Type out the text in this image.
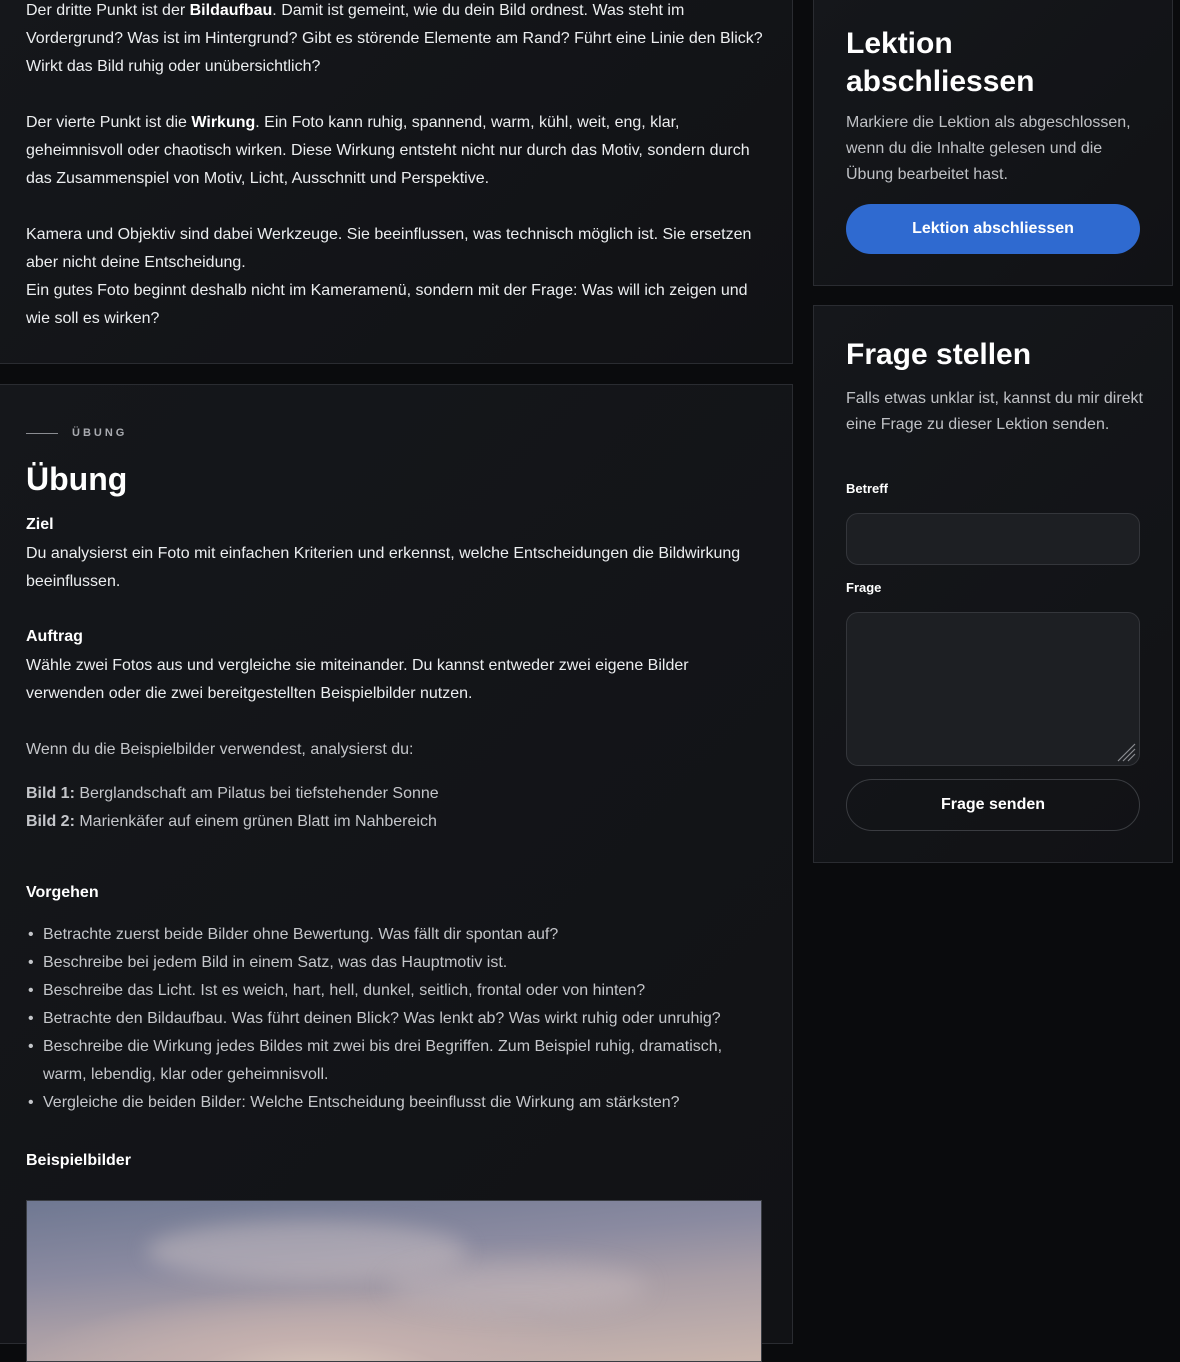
Der dritte Punkt ist der Bildaufbau. Damit ist gemeint, wie du dein Bild ordnest. Was steht im Vordergrund? Was ist im Hintergrund? Gibt es störende Elemente am Rand? Führt eine Linie den Blick? Wirkt das Bild ruhig oder unübersichtlich?

Der vierte Punkt ist die Wirkung. Ein Foto kann ruhig, spannend, warm, kühl, weit, eng, klar, geheimnisvoll oder chaotisch wirken. Diese Wirkung entsteht nicht nur durch das Motiv, sondern durch das Zusammenspiel von Motiv, Licht, Ausschnitt und Perspektive.

Kamera und Objektiv sind dabei Werkzeuge. Sie beeinflussen, was technisch möglich ist. Sie ersetzen aber nicht deine Entscheidung.

Ein gutes Foto beginnt deshalb nicht im Kameramenü, sondern mit der Frage: Was will ich zeigen und wie soll es wirken?

ÜBUNG
Übung

Ziel

Du analysierst ein Foto mit einfachen Kriterien und erkennst, welche Entscheidungen die Bildwirkung beeinflussen.

Auftrag

Wähle zwei Fotos aus und vergleiche sie miteinander. Du kannst entweder zwei eigene Bilder verwenden oder die zwei bereitgestellten Beispielbilder nutzen.

Wenn du die Beispielbilder verwendest, analysierst du:

Bild 1: Berglandschaft am Pilatus bei tiefstehender Sonne

Bild 2: Marienkäfer auf einem grünen Blatt im Nahbereich

Vorgehen

• Betrachte zuerst beide Bilder ohne Bewertung. Was fällt dir spontan auf?
• Beschreibe bei jedem Bild in einem Satz, was das Hauptmotiv ist.
• Beschreibe das Licht. Ist es weich, hart, hell, dunkel, seitlich, frontal oder von hinten?
• Betrachte den Bildaufbau. Was führt deinen Blick? Was lenkt ab? Was wirkt ruhig oder unruhig?
• Beschreibe die Wirkung jedes Bildes mit zwei bis drei Begriffen. Zum Beispiel ruhig, dramatisch, warm, lebendig, klar oder geheimnisvoll.
• Vergleiche die beiden Bilder: Welche Entscheidung beeinflusst die Wirkung am stärksten?

Beispielbilder

Lektion abschliessen

Markiere die Lektion als abgeschlossen, wenn du die Inhalte gelesen und die Übung bearbeitet hast.

Lektion abschliessen
Frage stellen

Falls etwas unklar ist, kannst du mir direkt eine Frage zu dieser Lektion senden.

Betreff

Frage

Frage senden
